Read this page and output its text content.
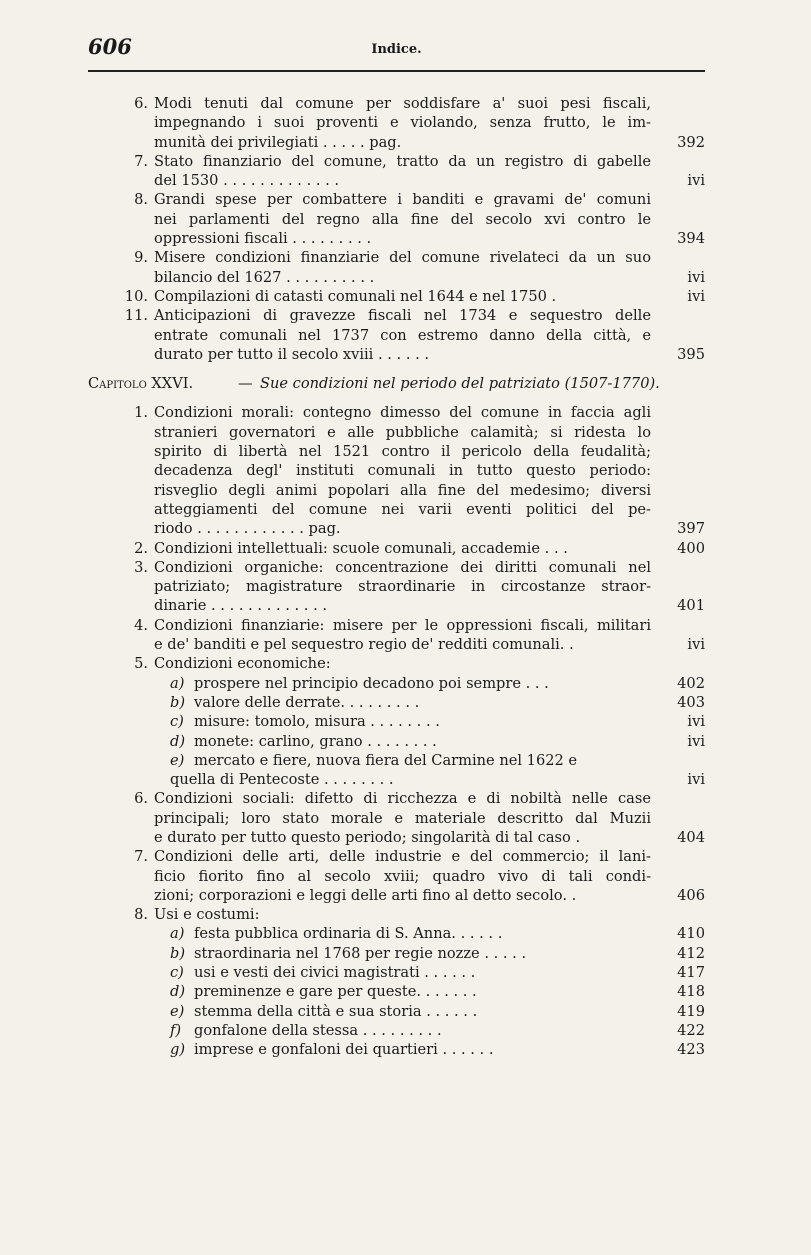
606	Indice.
6. Modi tenuti dal comune per soddisfare a' suoi pesi fiscali,
impegnando i suoi proventi e violando, senza frutto, le im-
munità dei privilegiati . . . . . pag.	392
7. Stato finanziario del comune, tratto da un registro di gabelle
del 1530 . . . . . . . . . . . . .	ivi
8. Grandi spese per combattere i banditi e gravami de' comuni
nei parlamenti del regno alla fine del secolo xvi contro le
oppressioni fiscali . . . . . . . . .	394
9. Misere condizioni finanziarie del comune rivelateci da un suo
bilancio del 1627 . . . . . . . . . .	ivi
10. Compilazioni di catasti comunali nel 1644 e nel 1750 .	ivi
11. Anticipazioni di gravezze fiscali nel 1734 e sequestro delle
entrate comunali nel 1737 con estremo danno della città, e
durato per tutto il secolo xviii . . . . . .	395
Capitolo XXVI.	— Sue condizioni nel periodo del patriziato (1507-1770).
1. Condizioni morali: contegno dimesso del comune in faccia agli
stranieri governatori e alle pubbliche calamità; si ridesta lo
spirito di libertà nel 1521 contro il pericolo della feudalità;
decadenza degl' instituti comunali in tutto questo periodo:
risveglio degli animi popolari alla fine del medesimo; diversi
atteggiamenti del comune nei varii eventi politici del pe-
riodo . . . . . . . . . . . . pag.	397
2. Condizioni intellettuali: scuole comunali, accademie . . .	400
3. Condizioni organiche: concentrazione dei diritti comunali nel
patriziato; magistrature straordinarie in circostanze straor-
dinarie . . . . . . . . . . . . .	401
4. Condizioni finanziarie: misere per le oppressioni fiscali, militari
e de' banditi e pel sequestro regio de' redditi comunali. .	ivi
5. Condizioni economiche:
a) prospere nel principio decadono poi sempre . . .	402
b) valore delle derrate. . . . . . . . .	403
c) misure: tomolo, misura . . . . . . . .	ivi
d) monete: carlino, grano . . . . . . . .	ivi
e) mercato e fiere, nuova fiera del Carmine nel 1622 e
quella di Pentecoste . . . . . . . .	ivi
6. Condizioni sociali: difetto di ricchezza e di nobiltà nelle case
principali; loro stato morale e materiale descritto dal Muzii
e durato per tutto questo periodo; singolarità di tal caso .	404
7. Condizioni delle arti, delle industrie e del commercio; il lani-
ficio fiorito fino al secolo xviii; quadro vivo di tali condi-
zioni; corporazioni e leggi delle arti fino al detto secolo. .	406
8. Usi e costumi:
a) festa pubblica ordinaria di S. Anna. . . . . .	410
b) straordinaria nel 1768 per regie nozze . . . . .	412
c) usi e vesti dei civici magistrati . . . . . .	417
d) preminenze e gare per queste. . . . . . .	418
e) stemma della città e sua storia . . . . . .	419
f) gonfalone della stessa . . . . . . . . .	422
g) imprese e gonfaloni dei quartieri . . . . . .	423
